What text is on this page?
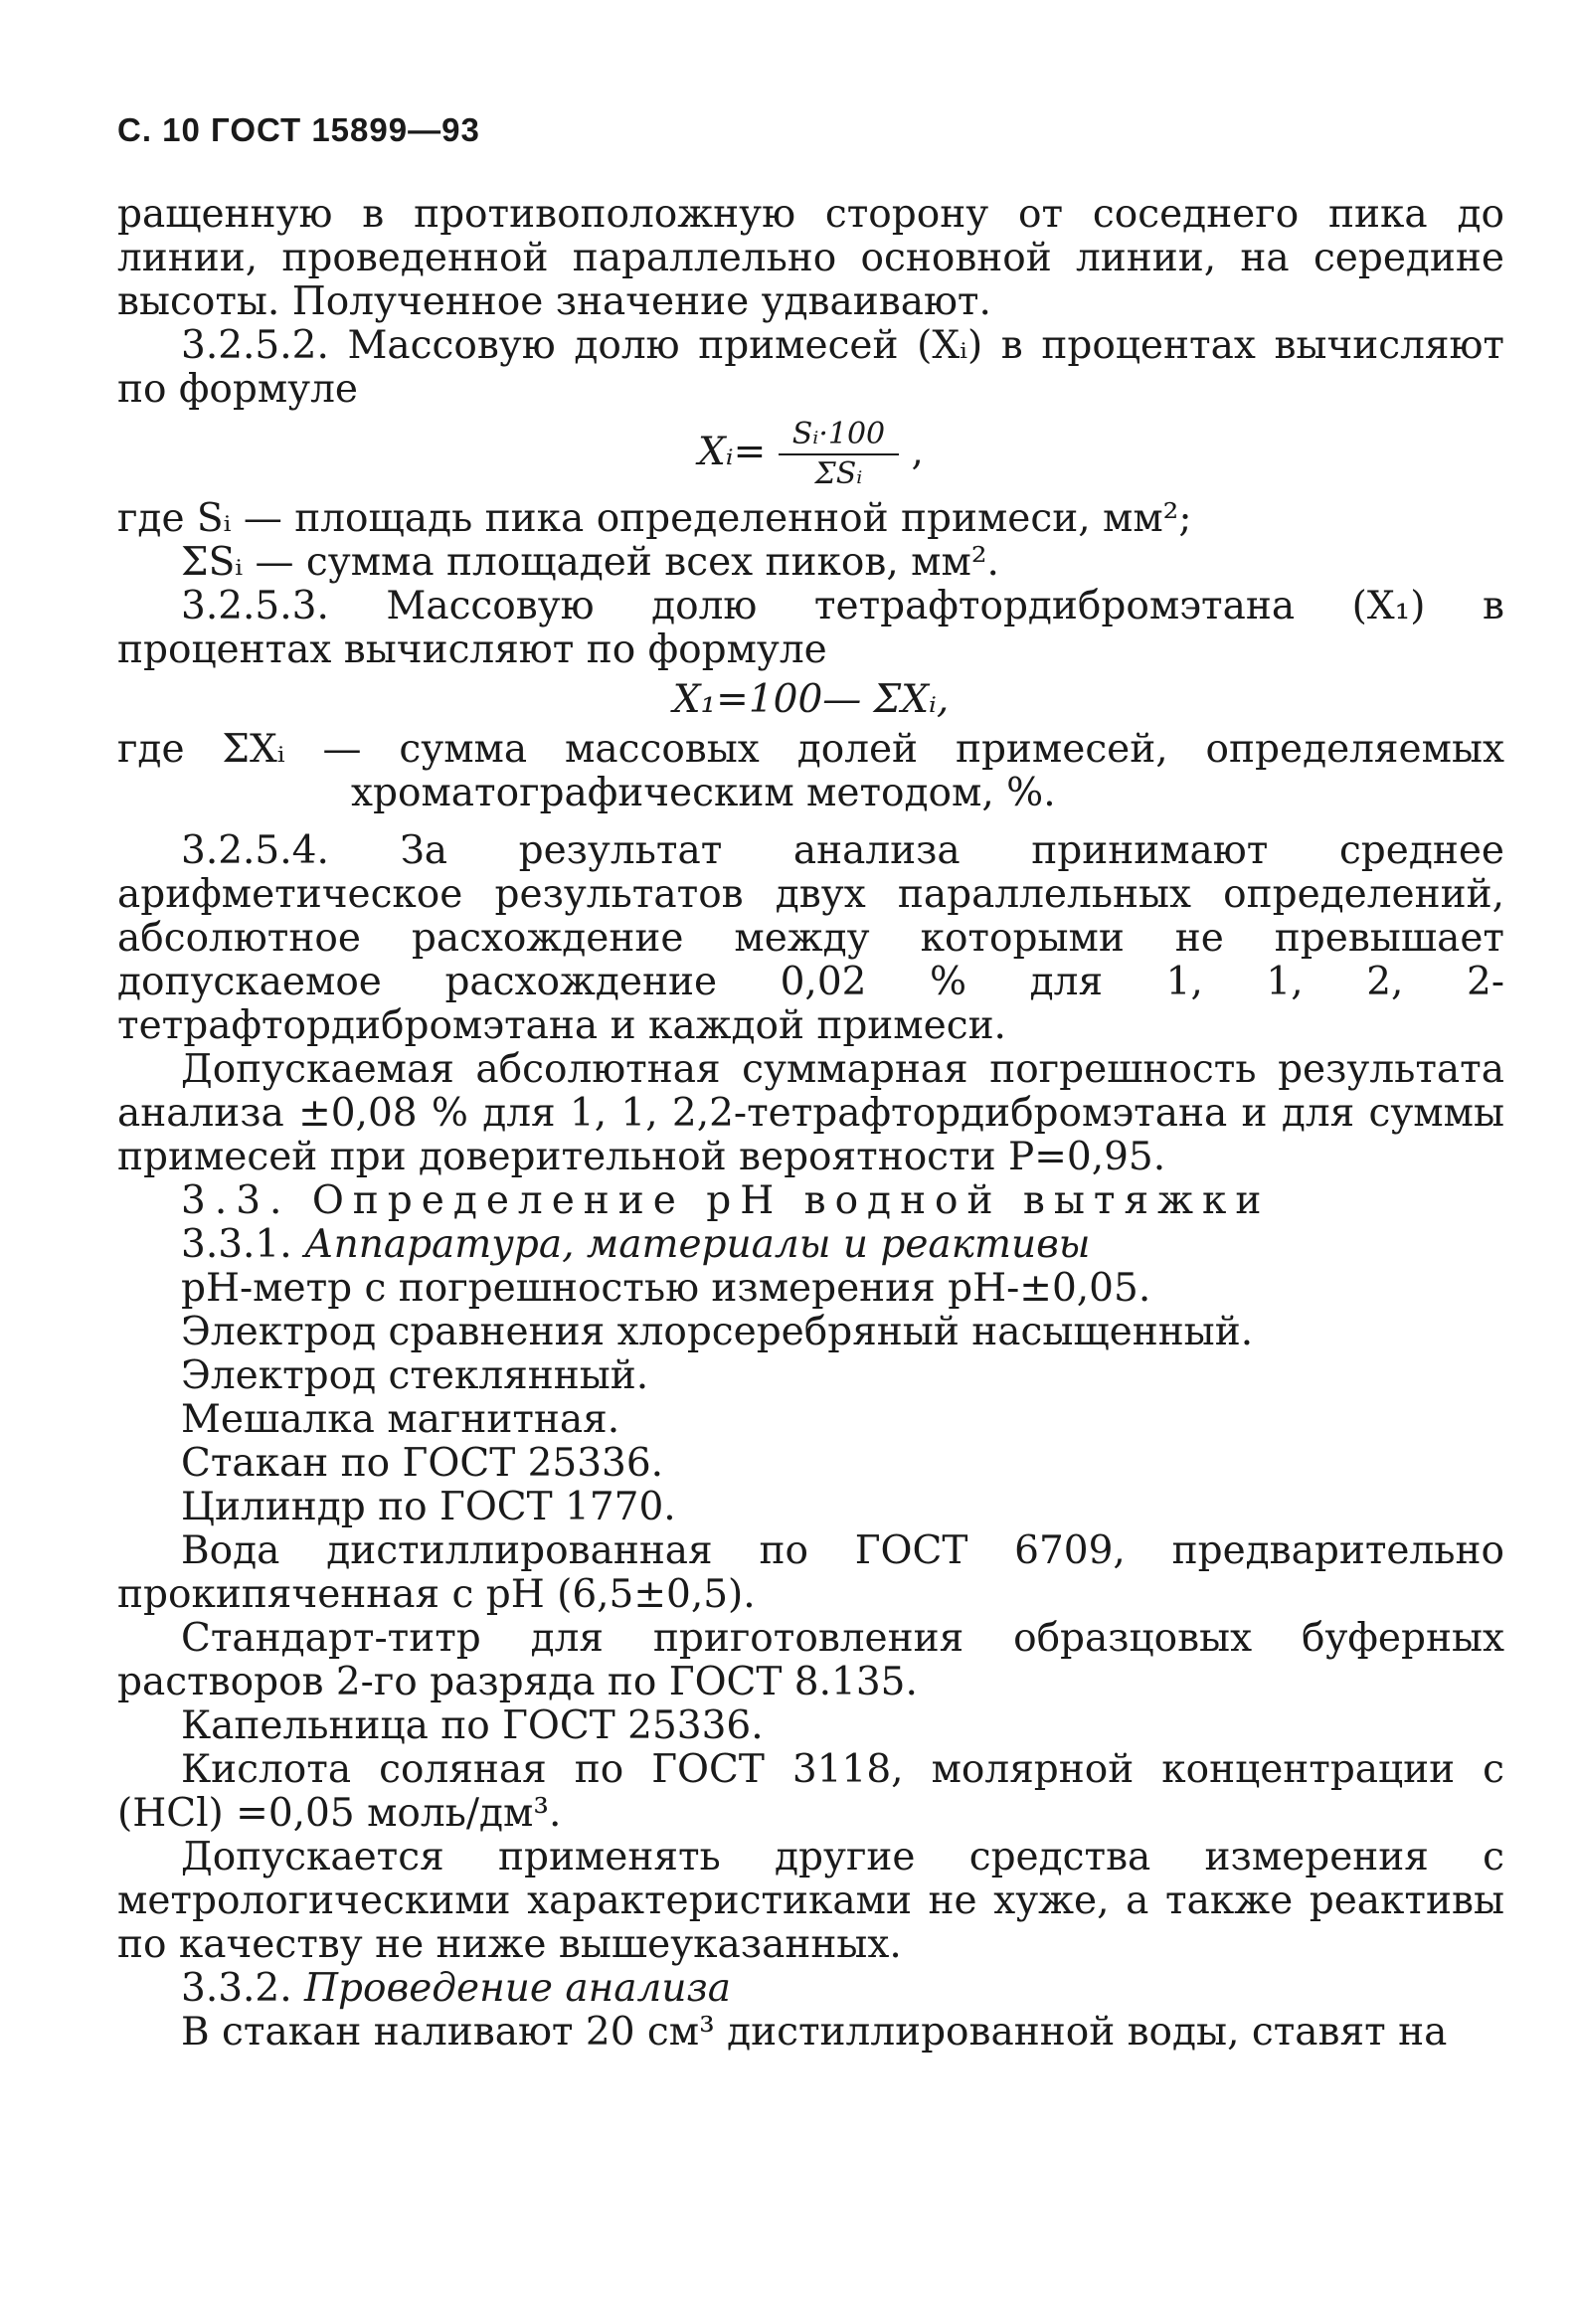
С. 10 ГОСТ 15899—93

ращенную в противоположную сторону от соседнего пика до линии, проведенной параллельно основной линии, на середине высоты. Полученное значение удваивают.

3.2.5.2. Массовую долю примесей (Xᵢ) в процентах вычисляют по формуле

Xᵢ= $\frac{\text{Sᵢ·100}}{\text{ΣSᵢ}}$ ,

где Sᵢ — площадь пика определенной примеси, мм²;

ΣSᵢ — сумма площадей всех пиков, мм².

3.2.5.3. Массовую долю тетрафтордибромэтана (X₁) в процентах вычисляют по формуле

X₁=100— ΣXᵢ,

где ΣXᵢ — сумма массовых долей примесей, определяемых хроматографическим методом, %.

3.2.5.4. За результат анализа принимают среднее арифметическое результатов двух параллельных определений, абсолютное расхождение между которыми не превышает допускаемое расхождение 0,02 % для 1, 1, 2, 2-тетрафтордибромэтана и каждой примеси.

Допускаемая абсолютная суммарная погрешность результата анализа ±0,08 % для 1, 1, 2,2-тетрафтордибромэтана и для суммы примесей при доверительной вероятности P=0,95.

3.3. Определение рН водной вытяжки

3.3.1. Аппаратура, материалы и реактивы

рН-метр с погрешностью измерения рН-±0,05.

Электрод сравнения хлорсеребряный насыщенный.

Электрод стеклянный.

Мешалка магнитная.

Стакан по ГОСТ 25336.

Цилиндр по ГОСТ 1770.

Вода дистиллированная по ГОСТ 6709, предварительно прокипяченная с рН (6,5±0,5).

Стандарт-титр для приготовления образцовых буферных растворов 2-го разряда по ГОСТ 8.135.

Капельница по ГОСТ 25336.

Кислота соляная по ГОСТ 3118, молярной концентрации с (HCl) =0,05 моль/дм³.

Допускается применять другие средства измерения с метрологическими характеристиками не хуже, а также реактивы по качеству не ниже вышеуказанных.

3.3.2. Проведение анализа

В стакан наливают 20 см³ дистиллированной воды, ставят на
